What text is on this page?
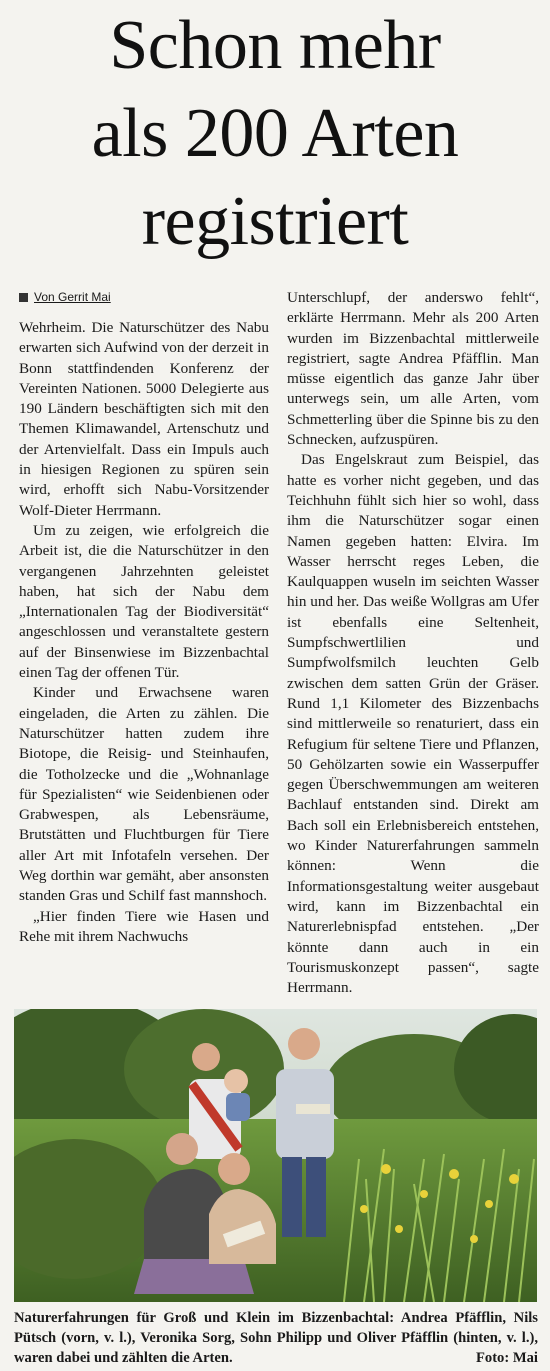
Schon mehr
als 200 Arten
registriert
Von Gerrit Mai

Wehrheim. Die Naturschützer des Nabu erwarten sich Aufwind von der derzeit in Bonn stattfindenden Konferenz der Vereinten Nationen. 5000 Delegierte aus 190 Ländern beschäftigten sich mit den Themen Klimawandel, Artenschutz und der Artenvielfalt. Dass ein Impuls auch in hiesigen Regionen zu spüren sein wird, erhofft sich Nabu-Vorsitzender Wolf-Dieter Herrmann.

Um zu zeigen, wie erfolgreich die Arbeit ist, die die Naturschützer in den vergangenen Jahrzehnten geleistet haben, hat sich der Nabu dem „Internationalen Tag der Biodiversität“ angeschlossen und veranstaltete gestern auf der Binsenwiese im Bizzenbachtal einen Tag der offenen Tür.

Kinder und Erwachsene waren eingeladen, die Arten zu zählen. Die Naturschützer hatten zudem ihre Biotope, die Reisig- und Steinhaufen, die Totholzecke und die „Wohnanlage für Spezialisten“ wie Seidenbienen oder Grabwespen, als Lebensräume, Brutstätten und Fluchtburgen für Tiere aller Art mit Infotafeln versehen. Der Weg dorthin war gemäht, aber ansonsten standen Gras und Schilf fast mannshoch.

„Hier finden Tiere wie Hasen und Rehe mit ihrem Nachwuchs

Unterschlupf, der anderswo fehlt“, erklärte Herrmann. Mehr als 200 Arten wurden im Bizzenbachtal mittlerweile registriert, sagte Andrea Pfäfflin. Man müsse eigentlich das ganze Jahr über unterwegs sein, um alle Arten, vom Schmetterling über die Spinne bis zu den Schnecken, aufzuspüren.

Das Engelskraut zum Beispiel, das hatte es vorher nicht gegeben, und das Teichhuhn fühlt sich hier so wohl, dass ihm die Naturschützer sogar einen Namen gegeben hatten: Elvira. Im Wasser herrscht reges Leben, die Kaulquappen wuseln im seichten Wasser hin und her. Das weiße Wollgras am Ufer ist ebenfalls eine Seltenheit, Sumpfschwertlilien und Sumpfwolfsmilch leuchten Gelb zwischen dem satten Grün der Gräser. Rund 1,1 Kilometer des Bizzenbachs sind mittlerweile so renaturiert, dass ein Refugium für seltene Tiere und Pflanzen, 50 Gehölzarten sowie ein Wasserpuffer gegen Überschwemmungen am weiteren Bachlauf entstanden sind. Direkt am Bach soll ein Erlebnisbereich entstehen, wo Kinder Naturerfahrungen sammeln können: Wenn die Informationsgestaltung weiter ausgebaut wird, kann im Bizzenbachtal ein Naturerlebnispfad entstehen. „Der könnte dann auch in ein Tourismuskonzept passen“, sagte Herrmann.

Naturerfahrungen für Groß und Klein im Bizzenbachtal: Andrea Pfäfflin, Nils Pütsch (vorn, v. l.), Veronika Sorg, Sohn Philipp und Oliver Pfäfflin (hinten, v. l.), waren dabei und zählten die Arten.	Foto: Mai
